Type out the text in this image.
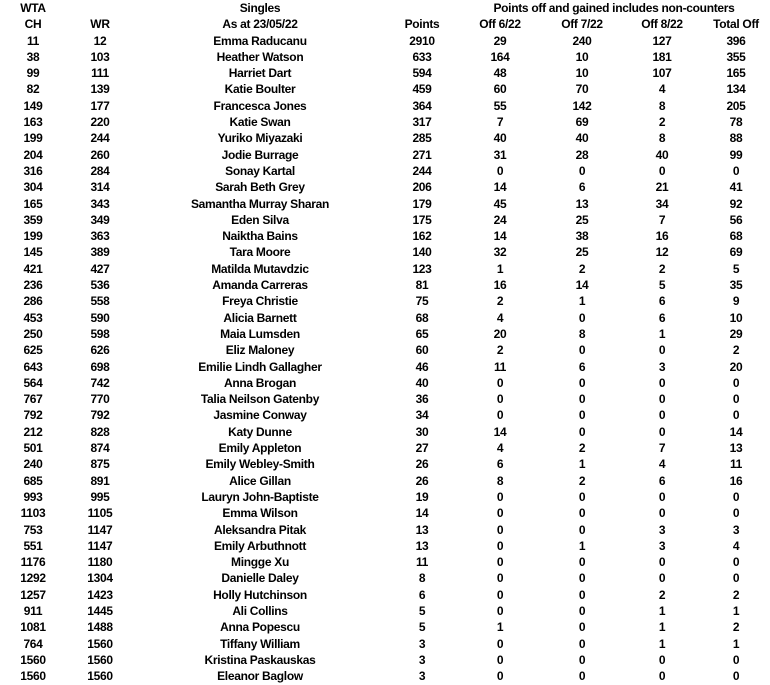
WTA		Singles		Points off and gained includes non-counters			
CH	WR	As at 23/05/22	Points	Off 6/22	Off 7/22	Off 8/22	Total Off
11	12	Emma Raducanu	2910	29	240	127	396
38	103	Heather Watson	633	164	10	181	355
99	111	Harriet Dart	594	48	10	107	165
82	139	Katie Boulter	459	60	70	4	134
149	177	Francesca Jones	364	55	142	8	205
163	220	Katie Swan	317	7	69	2	78
199	244	Yuriko Miyazaki	285	40	40	8	88
204	260	Jodie Burrage	271	31	28	40	99
316	284	Sonay Kartal	244	0	0	0	0
304	314	Sarah Beth Grey	206	14	6	21	41
165	343	Samantha Murray Sharan	179	45	13	34	92
359	349	Eden Silva	175	24	25	7	56
199	363	Naiktha Bains	162	14	38	16	68
145	389	Tara Moore	140	32	25	12	69
421	427	Matilda Mutavdzic	123	1	2	2	5
236	536	Amanda Carreras	81	16	14	5	35
286	558	Freya Christie	75	2	1	6	9
453	590	Alicia Barnett	68	4	0	6	10
250	598	Maia Lumsden	65	20	8	1	29
625	626	Eliz Maloney	60	2	0	0	2
643	698	Emilie Lindh Gallagher	46	11	6	3	20
564	742	Anna Brogan	40	0	0	0	0
767	770	Talia Neilson Gatenby	36	0	0	0	0
792	792	Jasmine Conway	34	0	0	0	0
212	828	Katy Dunne	30	14	0	0	14
501	874	Emily Appleton	27	4	2	7	13
240	875	Emily Webley-Smith	26	6	1	4	11
685	891	Alice Gillan	26	8	2	6	16
993	995	Lauryn John-Baptiste	19	0	0	0	0
1103	1105	Emma Wilson	14	0	0	0	0
753	1147	Aleksandra Pitak	13	0	0	3	3
551	1147	Emily Arbuthnott	13	0	1	3	4
1176	1180	Mingge Xu	11	0	0	0	0
1292	1304	Danielle Daley	8	0	0	0	0
1257	1423	Holly Hutchinson	6	0	0	2	2
911	1445	Ali Collins	5	0	0	1	1
1081	1488	Anna Popescu	5	1	0	1	2
764	1560	Tiffany William	3	0	0	1	1
1560	1560	Kristina Paskauskas	3	0	0	0	0
1560	1560	Eleanor Baglow	3	0	0	0	0
